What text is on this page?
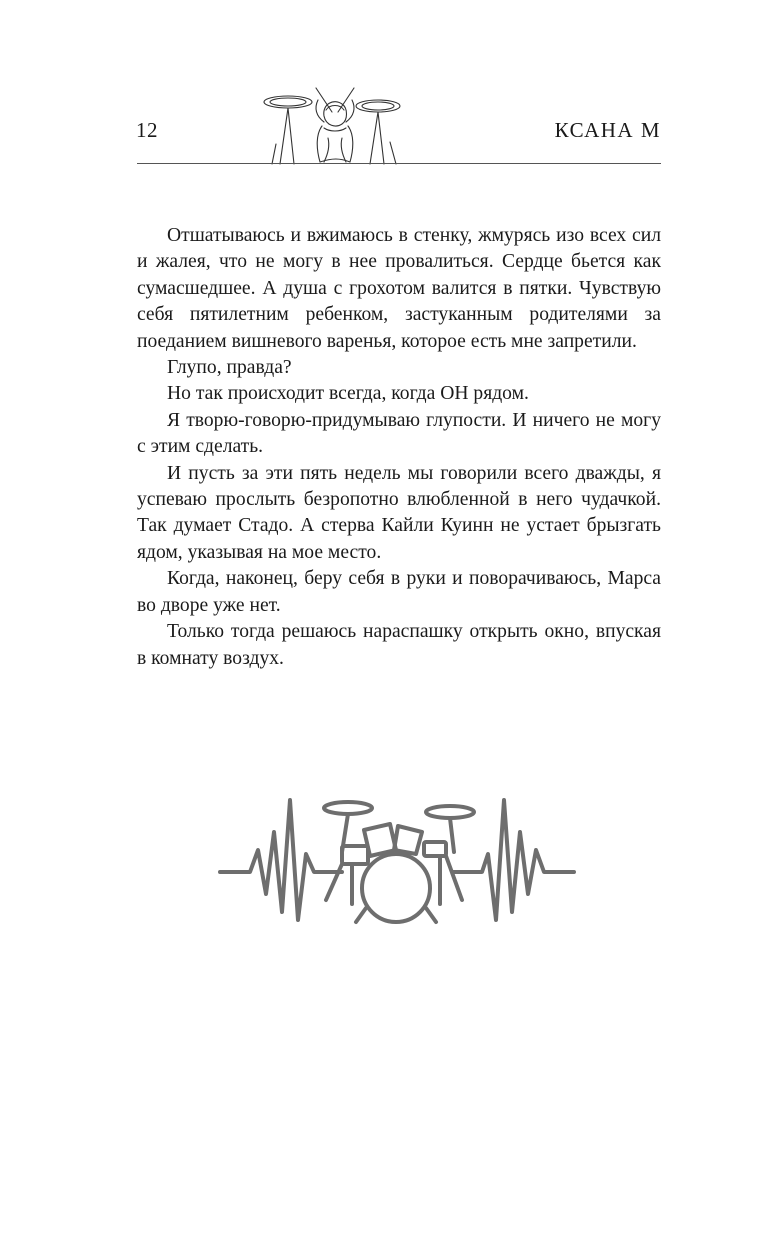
12	КСАНА М

Отшатываюсь и вжимаюсь в стенку, жмурясь изо всех сил и жалея, что не могу в нее провалиться. Сердце бьется как сумасшедшее. А душа с грохотом валится в пятки. Чувствую себя пятилетним ребенком, застуканным родителями за поеданием вишневого варенья, которое есть мне запретили.

Глупо, правда?

Но так происходит всегда, когда ОН рядом.

Я творю-говорю-придумываю глупости. И ничего не могу с этим сделать.

И пусть за эти пять недель мы говорили всего дважды, я успеваю прослыть безропотно влюбленной в него чудачкой. Так думает Стадо. А стерва Кайли Куинн не устает брызгать ядом, указывая на мое место.

Когда, наконец, беру себя в руки и поворачиваюсь, Марса во дворе уже нет.

Только тогда решаюсь нараспашку открыть окно, впуская в комнату воздух.
